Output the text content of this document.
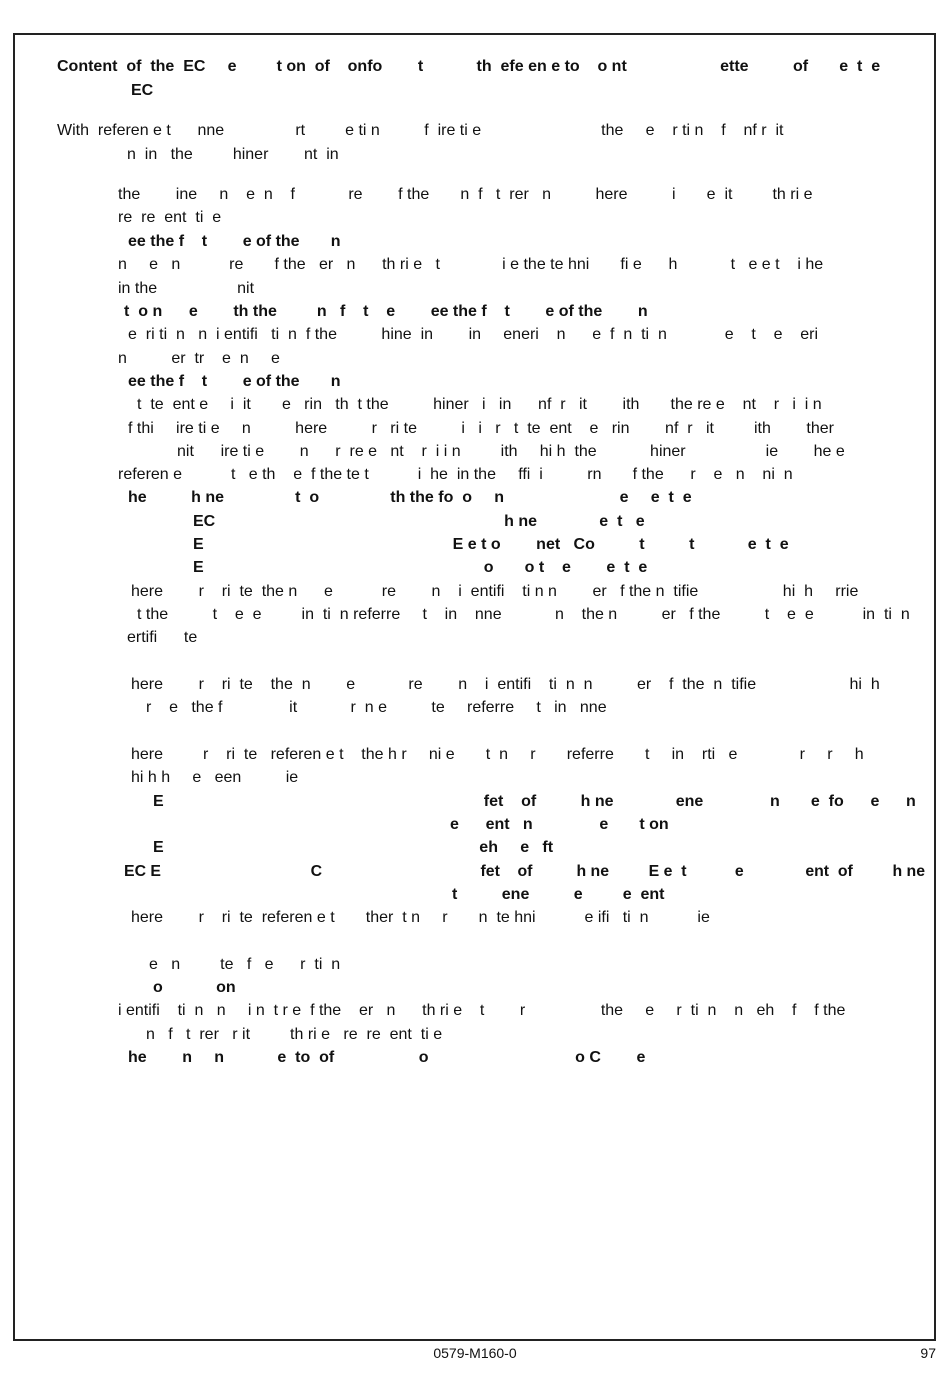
Content  of  the  EC     e         t on  of    onfo        t            th  efe en e to    o nt                     ette          of       e  t  e
EC
With  referen e t      nne                rt         e ti n          f  ire ti e                           the     e    r ti n    f    nf r  it
n  in   the         hiner        nt  in
the        ine     n    e  n    f            re        f the       n  f   t  rer   n          here          i       e  it         th ri e
re  re  ent  ti  e
ee the f    t        e of the       n
n     e   n           re       f the   er   n      th ri e   t              i e the te hni       fi e      h            t   e e t    i he
in the                  nit
t  o n      e        th the         n   f    t    e        ee the f    t        e of the        n
e  ri ti  n   n  i entifi   ti  n  f the          hine  in        in     eneri    n      e  f  n  ti  n             e    t    e    eri
n          er  tr    e  n     e
ee the f    t        e of the       n
t  te  ent e     i  it       e   rin   th  t the          hiner   i   in      nf  r   it        ith       the re e    nt    r   i  i n
f thi     ire ti e     n          here          r   ri te          i   i   r   t  te  ent    e   rin        nf  r   it         ith        ther
nit      ire ti e        n      r  re e   nt    r  i i n         ith     hi h  the            hiner                  ie        he e
referen e           t   e th    e  f the te t           i  he  in the     ffi  i          rn       f the      r    e   n    ni  n
he          h ne                t  o                th the fo  o     n                          e     e  t  e
EC                                                                 h ne              e  t   e
E                                                        E e t o        net   Co          t          t            e  t  e
E                                                               o       o t    e        e  t  e
here        r    ri  te  the n      e           re        n    i  entifi    ti n n        er   f the n  tifie                   hi  h     rrie
t the          t    e  e         in  ti  n referre     t    in    nne            n    the n          er   f the          t    e  e           in  ti  n
ertifi      te
here        r    ri  te    the  n        e            re        n    i  entifi    ti  n  n          er    f  the  n  tifie                     hi  h
r    e   the f               it            r  n e          te     referre     t   in   nne
here         r    ri  te   referen e t    the h r     ni e       t  n     r       referre       t     in    rti   e              r     r     h
hi h h     e   een          ie
E                                                                        fet    of          h ne              ene               n       e  fo      e      n
e      ent   n               e       t on
E                                                                       eh     e   ft
EC E                                  C                                    fet    of          h ne         E e  t           e              ent  of         h ne
t          ene          e         e  ent
here        r    ri  te  referen e t       ther  t n     r       n  te hni           e ifi   ti  n           ie
e   n         te   f   e      r  ti  n
o            on
i entifi    ti  n   n     i n  t r e  f the    er   n      th ri e    t        r                 the     e     r  ti  n    n   eh    f    f the
n   f   t  rer   r it         th ri e   re  re  ent  ti e
he        n     n            e  to  of                   o                                 o C        e
0579-M160-0	97
